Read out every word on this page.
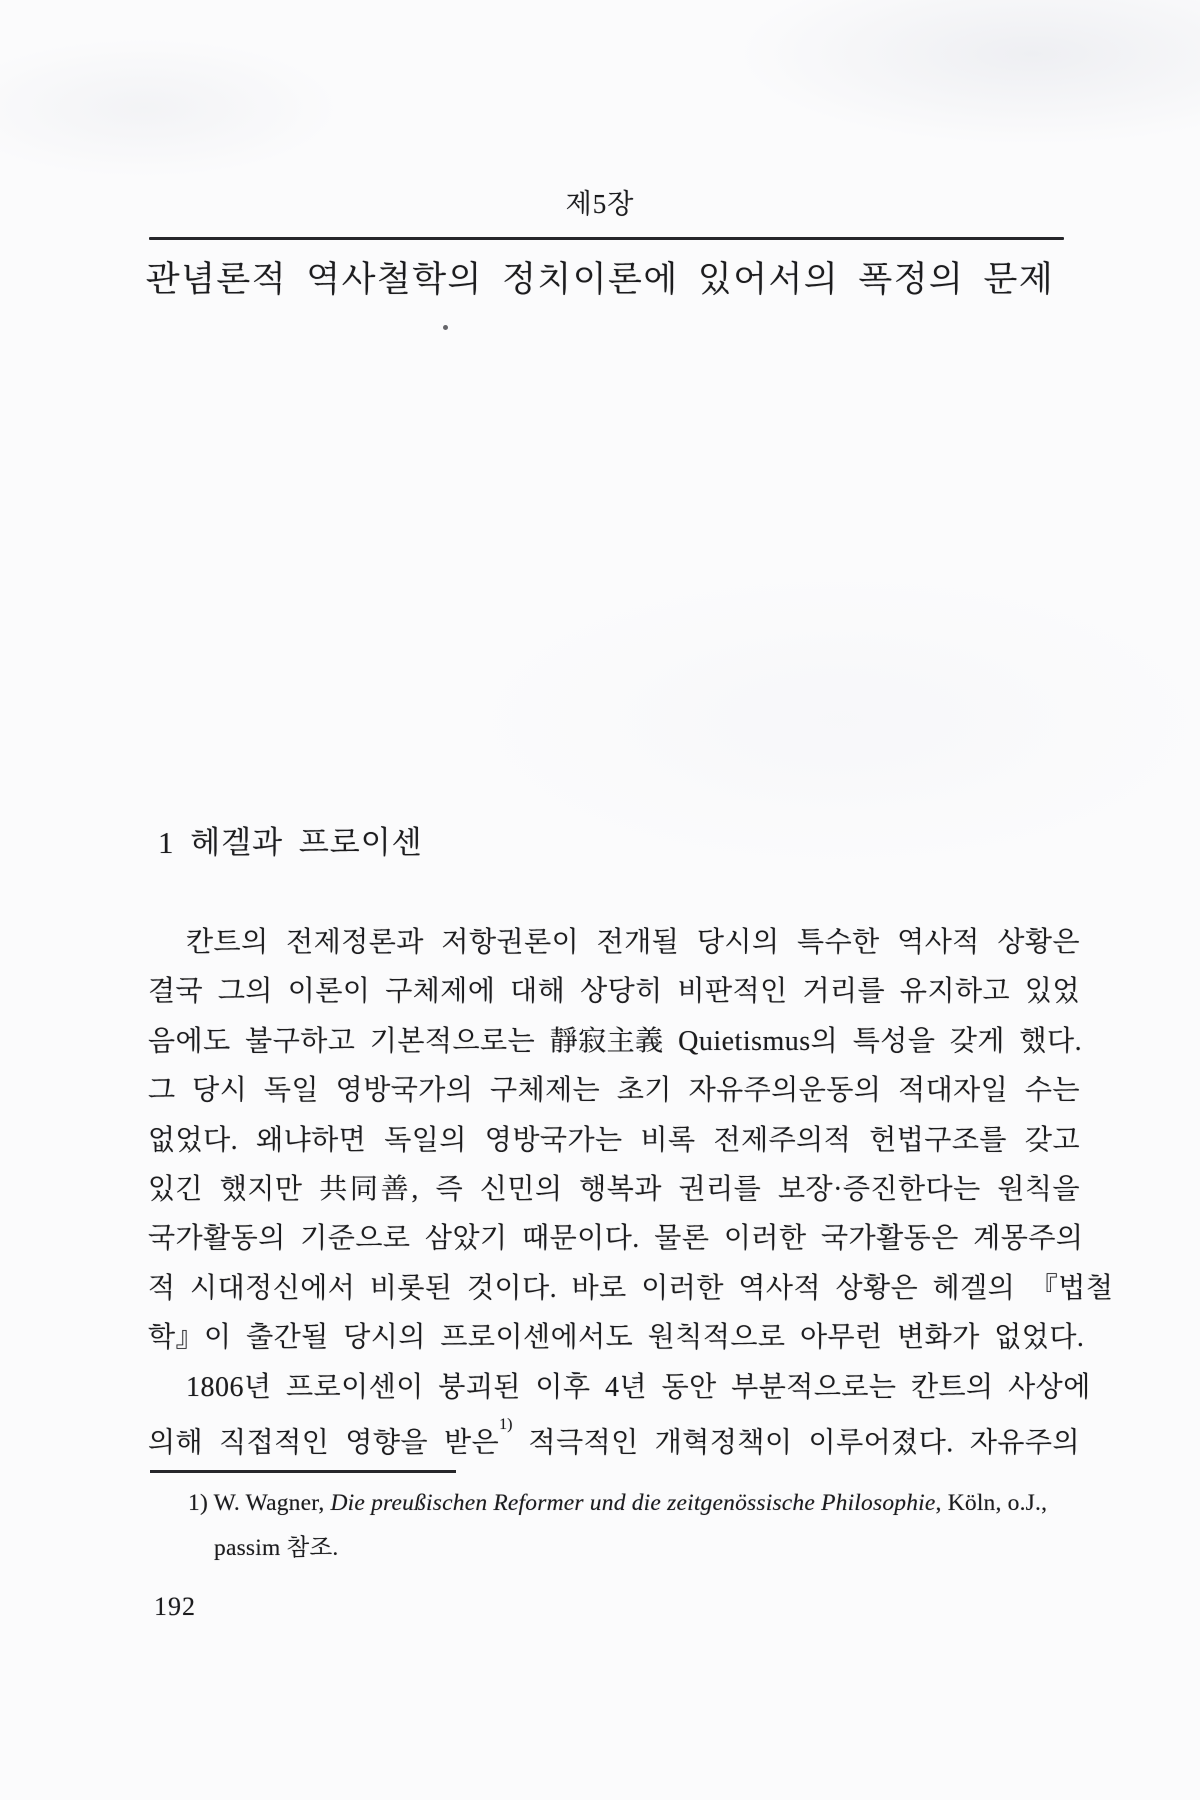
제5장
관념론적 역사철학의 정치이론에 있어서의 폭정의 문제
1 헤겔과 프로이센
칸트의 전제정론과 저항권론이 전개될 당시의 특수한 역사적 상황은
결국 그의 이론이 구체제에 대해 상당히 비판적인 거리를 유지하고 있었
음에도 불구하고 기본적으로는 靜寂主義 Quietismus의 특성을 갖게 했다.
그 당시 독일 영방국가의 구체제는 초기 자유주의운동의 적대자일 수는
없었다. 왜냐하면 독일의 영방국가는 비록 전제주의적 헌법구조를 갖고
있긴 했지만 共同善, 즉 신민의 행복과 권리를 보장·증진한다는 원칙을
국가활동의 기준으로 삼았기 때문이다. 물론 이러한 국가활동은 계몽주의
적 시대정신에서 비롯된 것이다. 바로 이러한 역사적 상황은 헤겔의 『법철
학』이 출간될 당시의 프로이센에서도 원칙적으로 아무런 변화가 없었다.
1806년 프로이센이 붕괴된 이후 4년 동안 부분적으로는 칸트의 사상에
의해 직접적인 영향을 받은$^{1)}$ 적극적인 개혁정책이 이루어졌다. 자유주의
1) W. Wagner, Die preußischen Reformer und die zeitgenössische Philosophie, Köln, o.J.,
passim 참조.
192
